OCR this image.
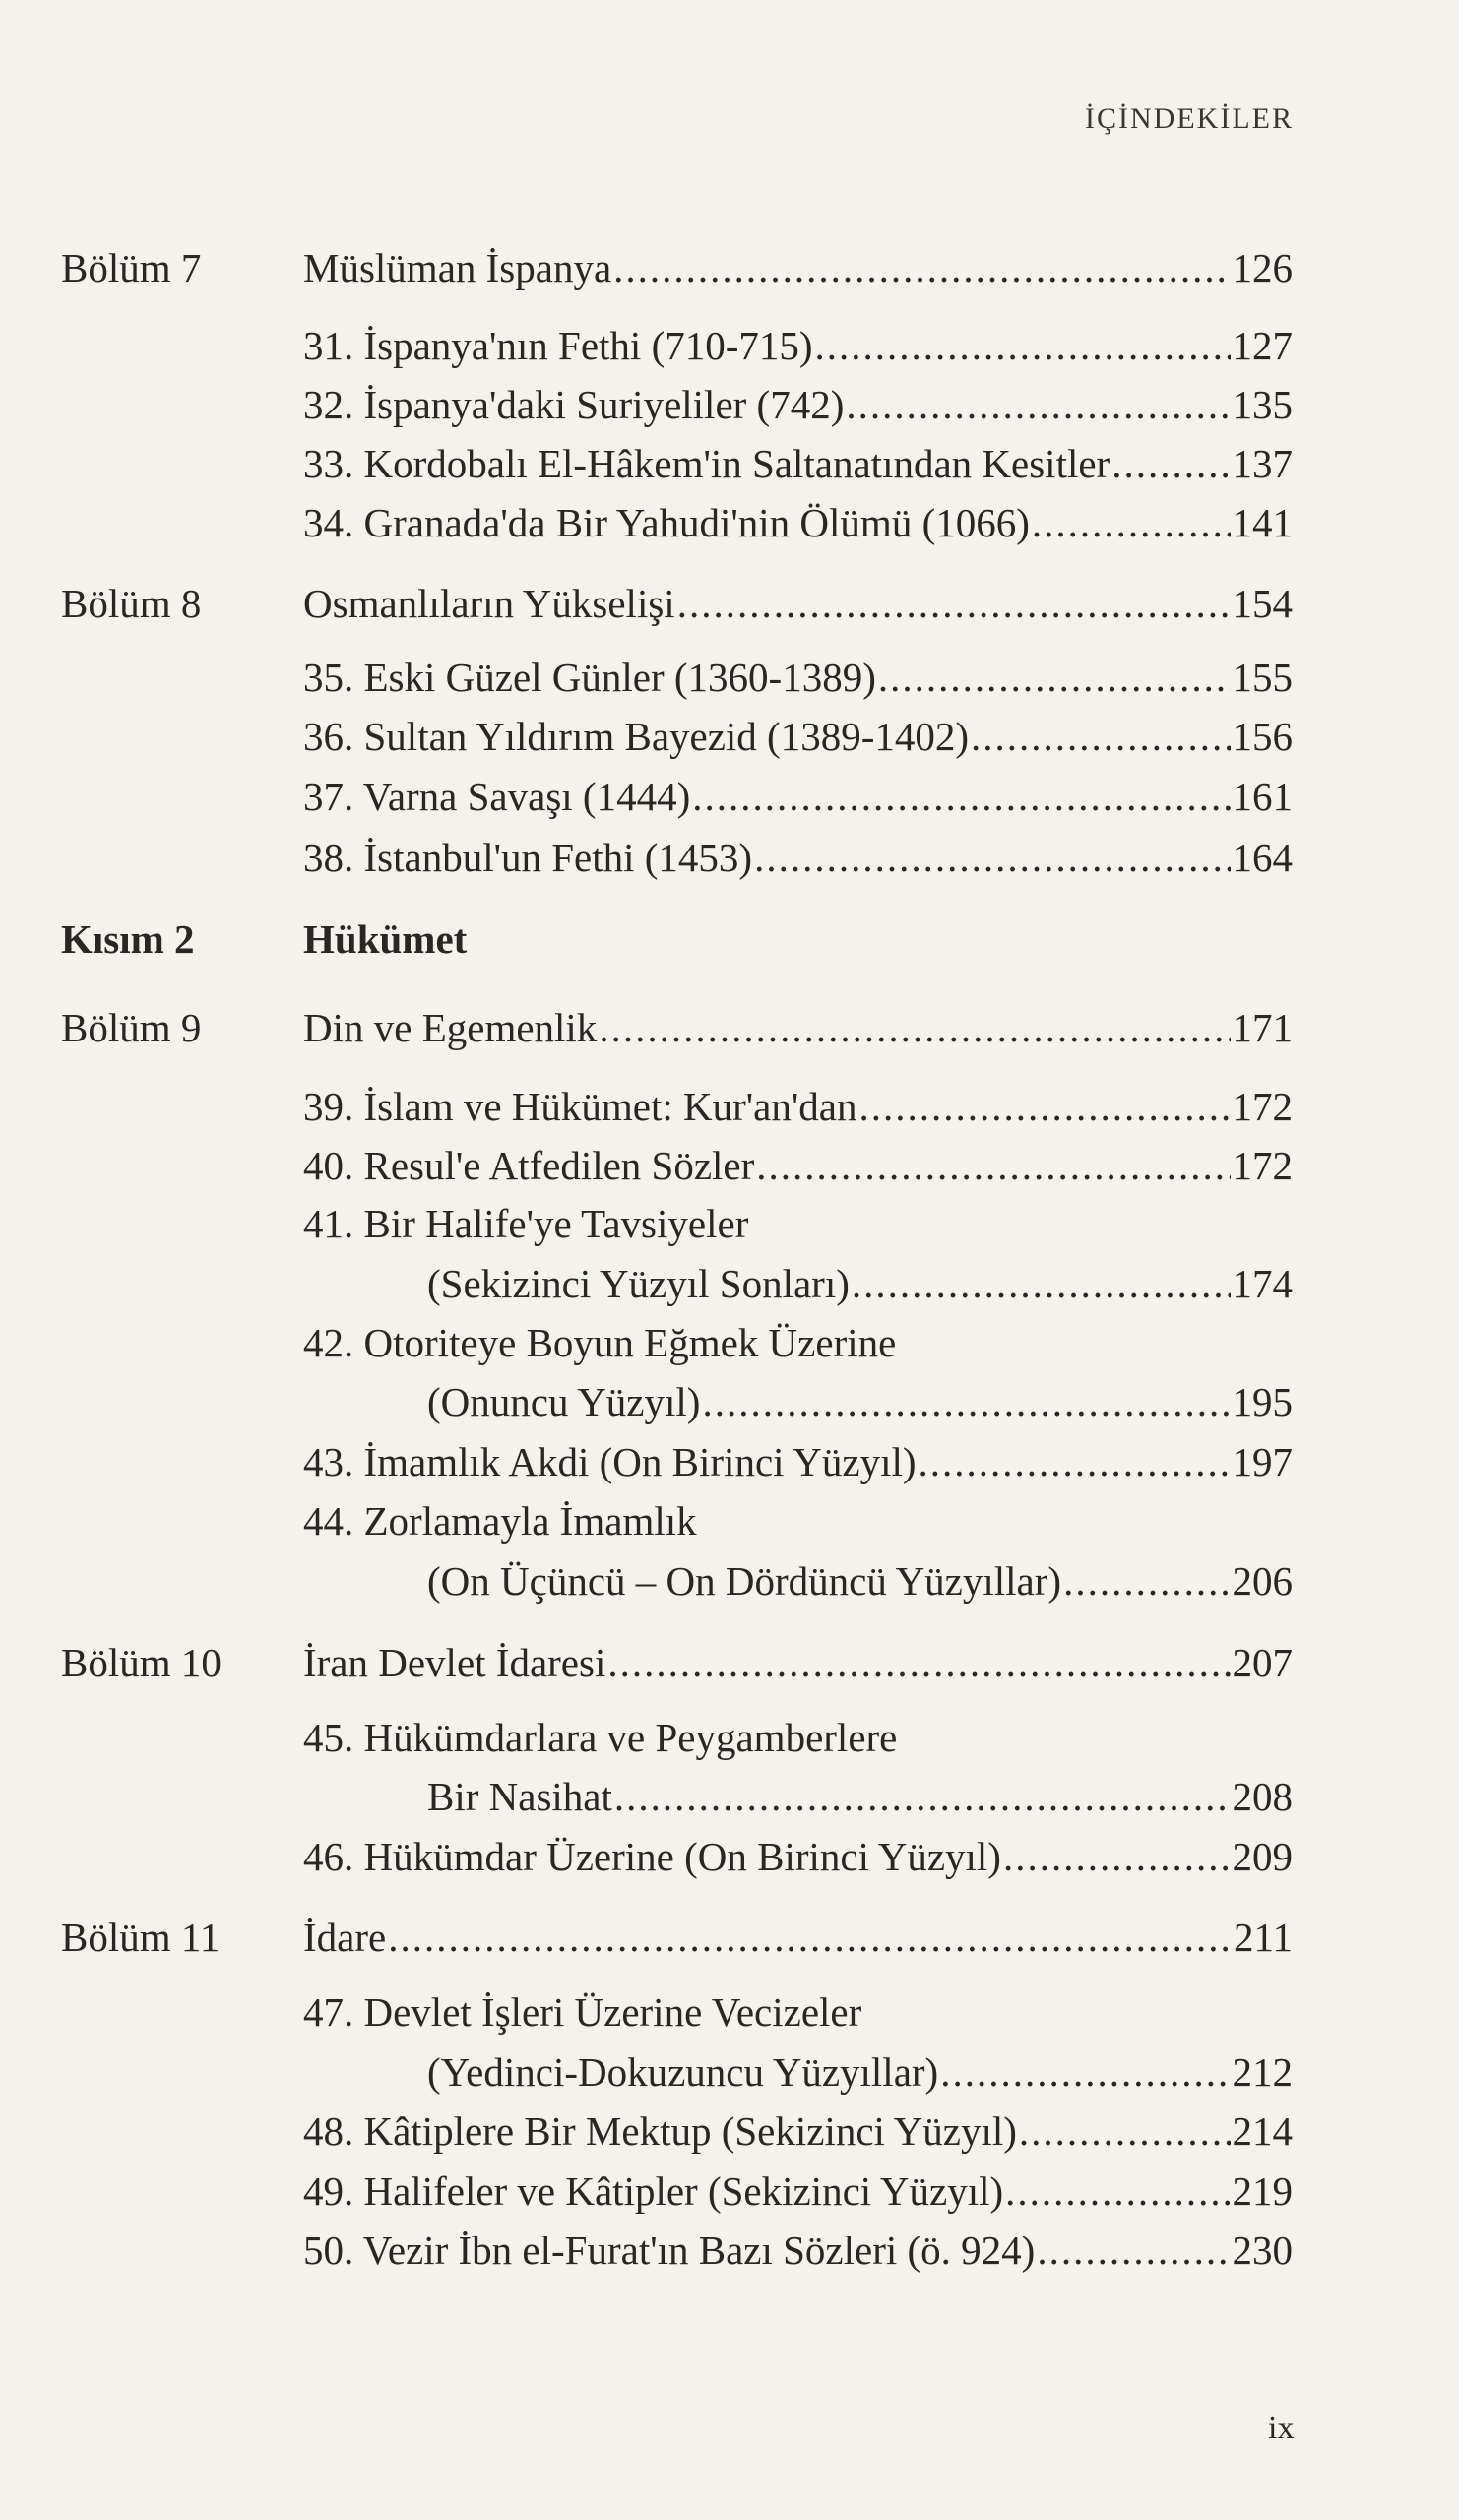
İÇİNDEKİLER
Bölüm 7	Müslüman İspanya .....	126
31. İspanya'nın Fethi (710-715) .....	127
32. İspanya'daki Suriyeliler (742) .....	135
33. Kordobalı El-Hâkem'in Saltanatından Kesitler .....	137
34. Granada'da Bir Yahudi'nin Ölümü (1066) .....	141
Bölüm 8	Osmanlıların Yükselişi .....	154
35. Eski Güzel Günler (1360-1389) .....	155
36. Sultan Yıldırım Bayezid (1389-1402) .....	156
37. Varna Savaşı (1444) .....	161
38. İstanbul'un Fethi (1453) .....	164
Kısım 2	Hükümet
Bölüm 9	Din ve Egemenlik .....	171
39. İslam ve Hükümet: Kur'an'dan .....	172
40. Resul'e Atfedilen Sözler .....	172
41. Bir Halife'ye Tavsiyeler
(Sekizinci Yüzyıl Sonları) .....	174
42. Otoriteye Boyun Eğmek Üzerine
(Onuncu Yüzyıl) .....	195
43. İmamlık Akdi (On Birinci Yüzyıl) .....	197
44. Zorlamayla İmamlık
(On Üçüncü – On Dördüncü Yüzyıllar) .....	206
Bölüm 10 İran Devlet İdaresi .....	207
45. Hükümdarlara ve Peygamberlere
Bir Nasihat .....	208
46. Hükümdar Üzerine (On Birinci Yüzyıl) .....	209
Bölüm 11 İdare .....	211
47. Devlet İşleri Üzerine Vecizeler
(Yedinci-Dokuzuncu Yüzyıllar) .....	212
48. Kâtiplere Bir Mektup (Sekizinci Yüzyıl) .....	214
49. Halifeler ve Kâtipler (Sekizinci Yüzyıl) .....	219
50. Vezir İbn el-Furat'ın Bazı Sözleri (ö. 924) .....	230
ix
